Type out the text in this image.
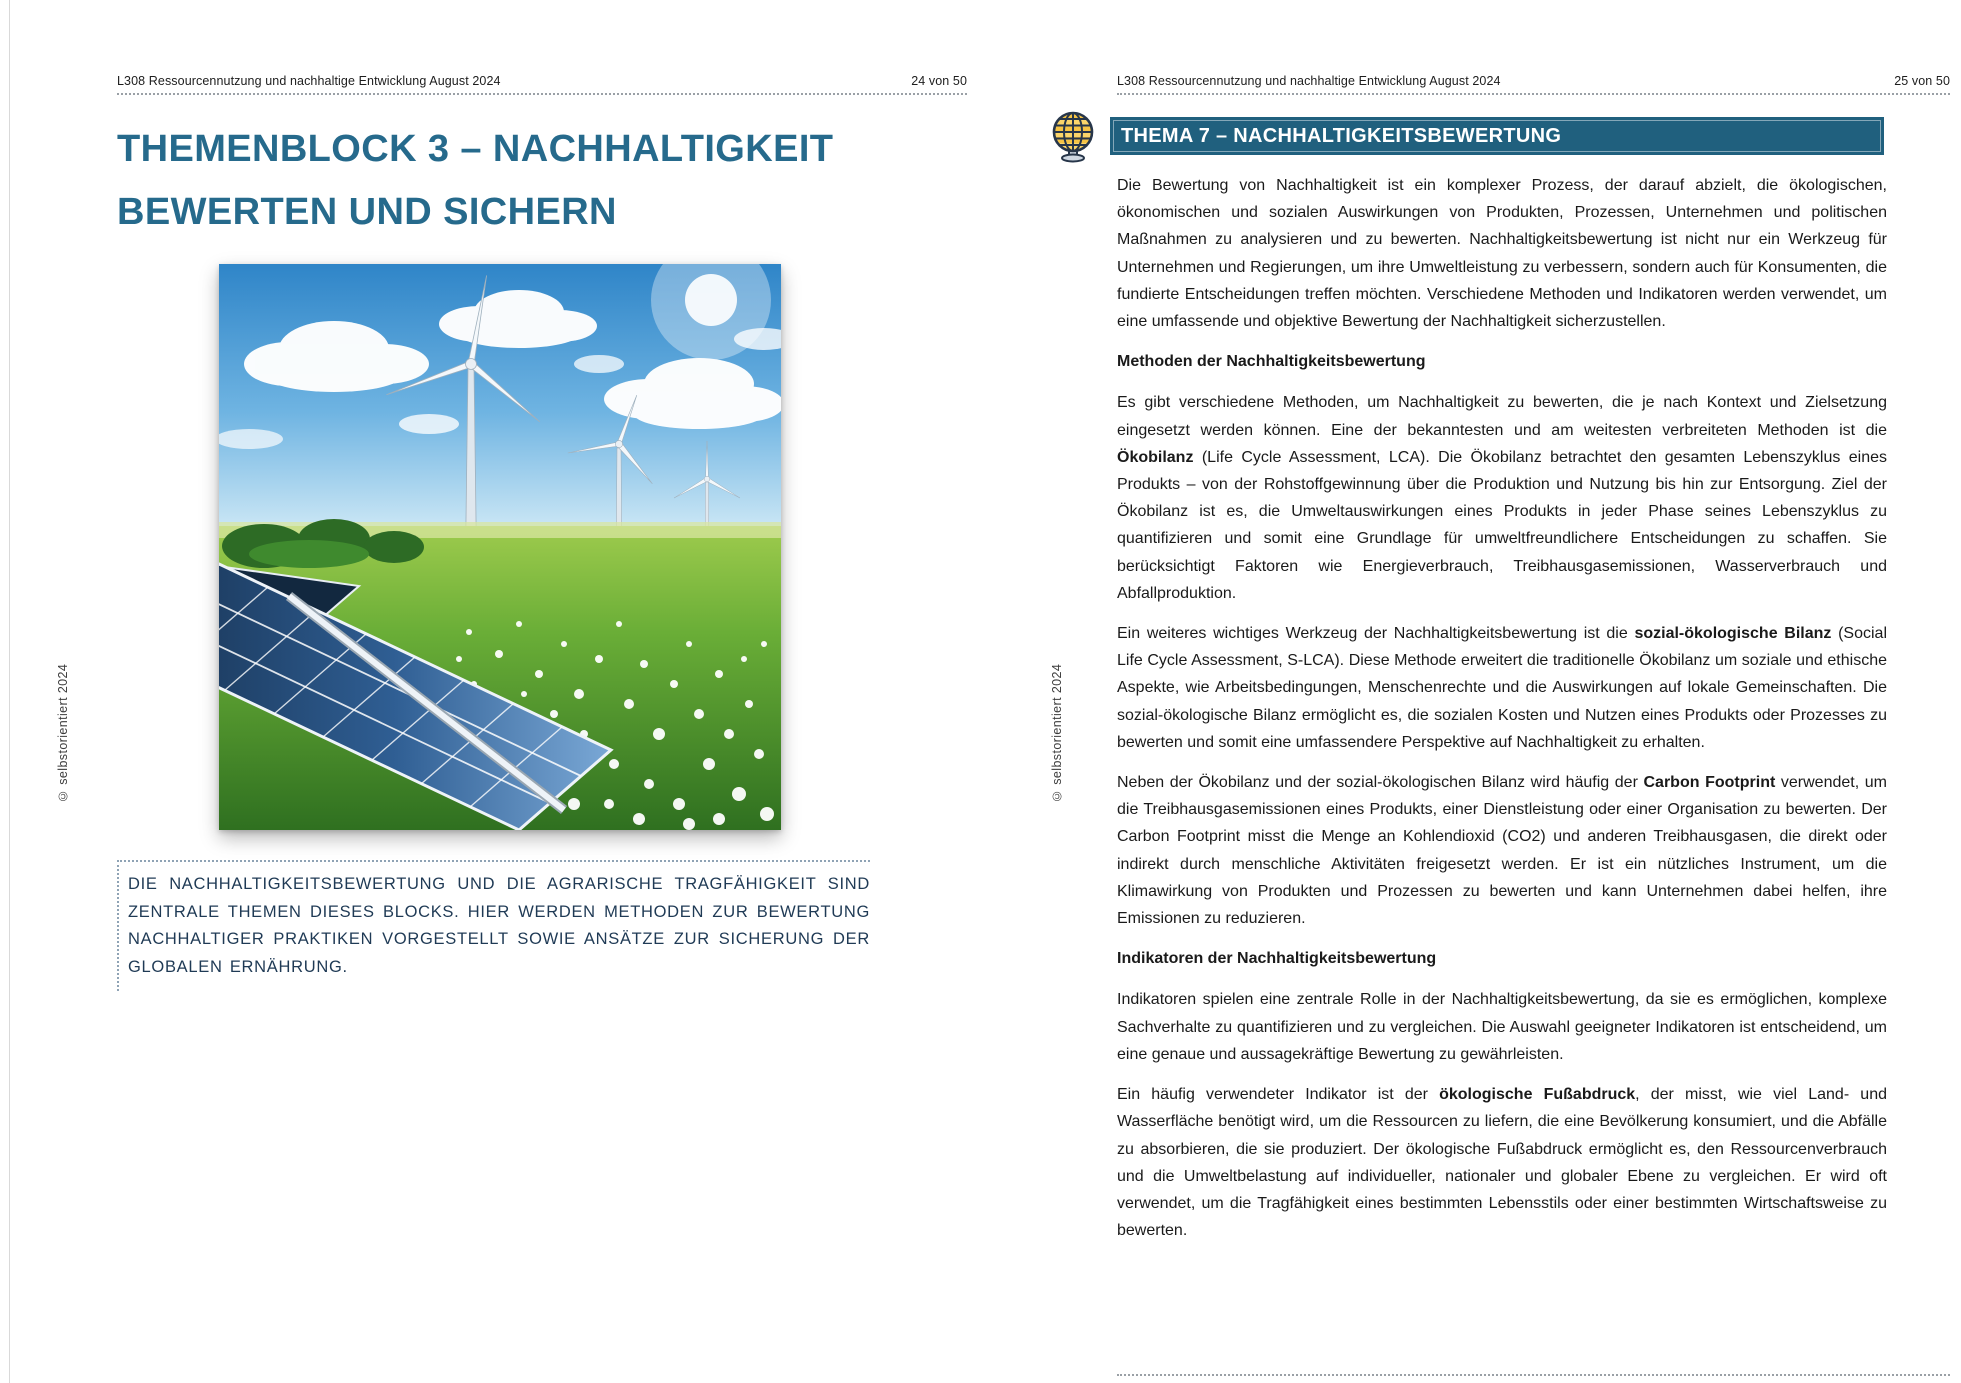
L308 Ressourcennutzung und nachhaltige Entwicklung August 2024	24 von 50
THEMENBLOCK 3 – NACHHALTIGKEIT
BEWERTEN UND SICHERN
DIE NACHHALTIGKEITSBEWERTUNG UND DIE AGRARISCHE TRAGFÄHIGKEIT SIND ZENTRALE THEMEN DIESES BLOCKS. HIER WERDEN METHODEN ZUR BEWERTUNG NACHHALTIGER PRAKTIKEN VORGESTELLT SOWIE ANSÄTZE ZUR SICHERUNG DER GLOBALEN ERNÄHRUNG.
© selbstorientiert 2024
L308 Ressourcennutzung und nachhaltige Entwicklung August 2024	25 von 50
THEMA 7 – NACHHALTIGKEITSBEWERTUNG

Die Bewertung von Nachhaltigkeit ist ein komplexer Prozess, der darauf abzielt, die ökologischen, ökonomischen und sozialen Auswirkungen von Produkten, Prozessen, Unternehmen und politischen Maßnahmen zu analysieren und zu bewerten. Nachhaltigkeitsbewertung ist nicht nur ein Werkzeug für Unternehmen und Regierungen, um ihre Umweltleistung zu verbessern, sondern auch für Konsumenten, die fundierte Entscheidungen treffen möchten. Verschiedene Methoden und Indikatoren werden verwendet, um eine umfassende und objektive Bewertung der Nachhaltigkeit sicherzustellen.

Methoden der Nachhaltigkeitsbewertung

Es gibt verschiedene Methoden, um Nachhaltigkeit zu bewerten, die je nach Kontext und Zielsetzung eingesetzt werden können. Eine der bekanntesten und am weitesten verbreiteten Methoden ist die Ökobilanz (Life Cycle Assessment, LCA). Die Ökobilanz betrachtet den gesamten Lebenszyklus eines Produkts – von der Rohstoffgewinnung über die Produktion und Nutzung bis hin zur Entsorgung. Ziel der Ökobilanz ist es, die Umweltauswirkungen eines Produkts in jeder Phase seines Lebenszyklus zu quantifizieren und somit eine Grundlage für umweltfreundlichere Entscheidungen zu schaffen. Sie berücksichtigt Faktoren wie Energieverbrauch, Treibhausgasemissionen, Wasserverbrauch und Abfallproduktion.

Ein weiteres wichtiges Werkzeug der Nachhaltigkeitsbewertung ist die sozial-ökologische Bilanz (Social Life Cycle Assessment, S-LCA). Diese Methode erweitert die traditionelle Ökobilanz um soziale und ethische Aspekte, wie Arbeitsbedingungen, Menschenrechte und die Auswirkungen auf lokale Gemeinschaften. Die sozial-ökologische Bilanz ermöglicht es, die sozialen Kosten und Nutzen eines Produkts oder Prozesses zu bewerten und somit eine umfassendere Perspektive auf Nachhaltigkeit zu erhalten.

Neben der Ökobilanz und der sozial-ökologischen Bilanz wird häufig der Carbon Footprint verwendet, um die Treibhausgasemissionen eines Produkts, einer Dienstleistung oder einer Organisation zu bewerten. Der Carbon Footprint misst die Menge an Kohlendioxid (CO2) und anderen Treibhausgasen, die direkt oder indirekt durch menschliche Aktivitäten freigesetzt werden. Er ist ein nützliches Instrument, um die Klimawirkung von Produkten und Prozessen zu bewerten und kann Unternehmen dabei helfen, ihre Emissionen zu reduzieren.

Indikatoren der Nachhaltigkeitsbewertung

Indikatoren spielen eine zentrale Rolle in der Nachhaltigkeitsbewertung, da sie es ermöglichen, komplexe Sachverhalte zu quantifizieren und zu vergleichen. Die Auswahl geeigneter Indikatoren ist entscheidend, um eine genaue und aussagekräftige Bewertung zu gewährleisten.

Ein häufig verwendeter Indikator ist der ökologische Fußabdruck, der misst, wie viel Land- und Wasserfläche benötigt wird, um die Ressourcen zu liefern, die eine Bevölkerung konsumiert, und die Abfälle zu absorbieren, die sie produziert. Der ökologische Fußabdruck ermöglicht es, den Ressourcenverbrauch und die Umweltbelastung auf individueller, nationaler und globaler Ebene zu vergleichen. Er wird oft verwendet, um die Tragfähigkeit eines bestimmten Lebensstils oder einer bestimmten Wirtschaftsweise zu bewerten.

© selbstorientiert 2024
